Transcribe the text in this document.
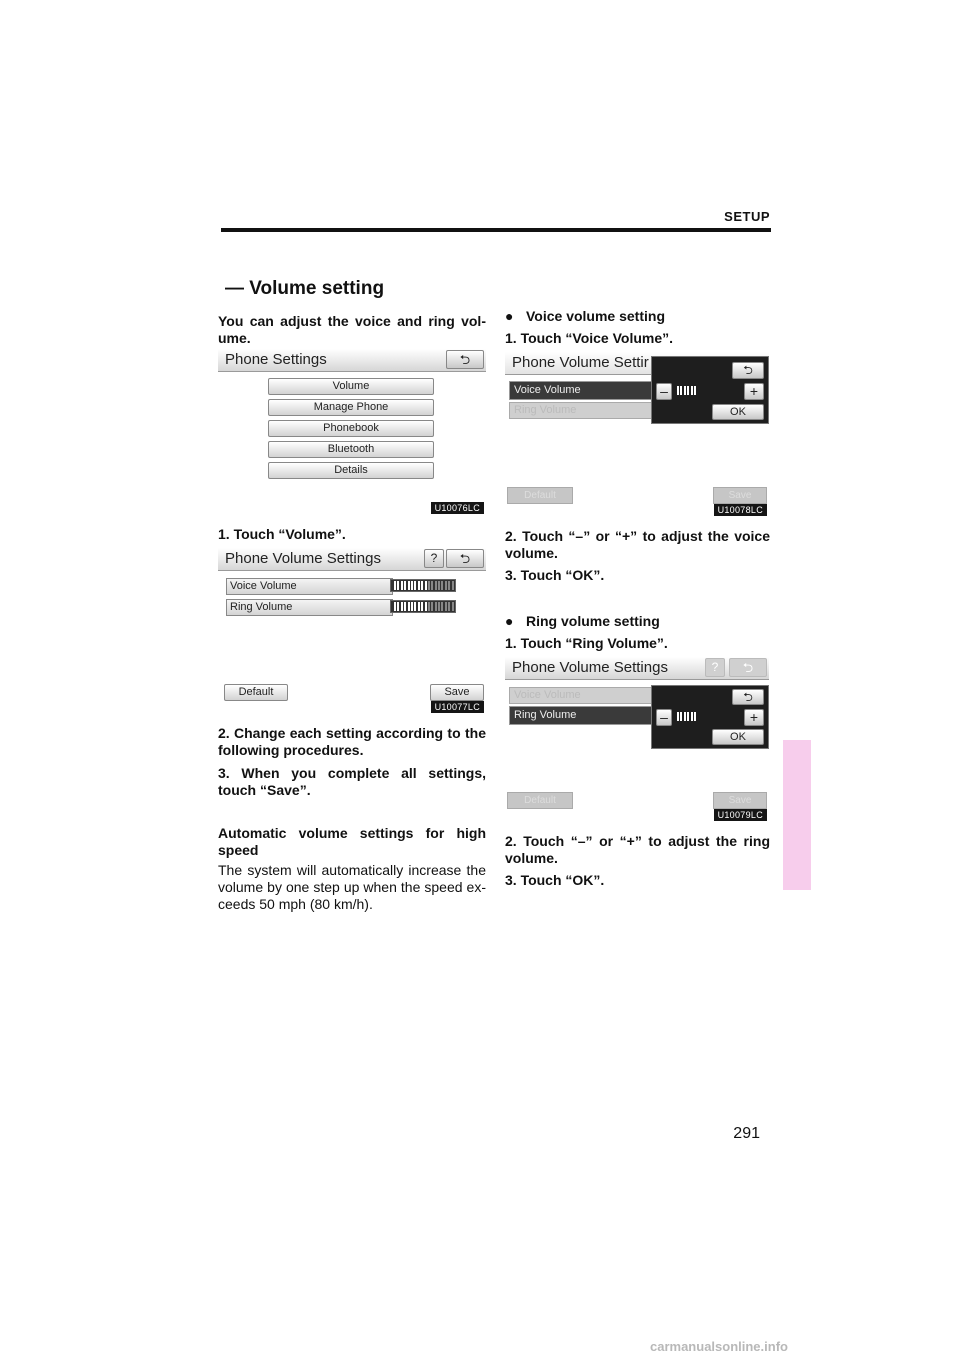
SETUP
— Volume setting
291
carmanualsonline.info
You can adjust the voice and ring vol-ume.
Phone Settings	⮌
Volume
Manage Phone
Phonebook
Bluetooth
Details
U10076LC
1. Touch “Volume”.
Phone Volume Settings	?	⮌
Voice Volume
Ring Volume
Default	Save
U10077LC
2. Change each setting according to the following procedures.
3. When you complete all settings, touch “Save”.
Automatic volume settings for high speed
The system will automatically increase the volume by one step up when the speed ex-ceeds 50 mph (80 km/h).
● Voice volume setting
1. Touch “Voice Volume”.
Phone Volume Settir
Voice Volume
Ring Volume
⮌
–	+
OK
Default	Save
U10078LC
2. Touch “–” or “+” to adjust the voice volume.
3. Touch “OK”.
● Ring volume setting
1. Touch “Ring Volume”.
Phone Volume Settings	?	⮌
Voice Volume
Ring Volume
⮌
–	+
OK
Default	Save
U10079LC
2. Touch “–” or “+” to adjust the ring volume.
3. Touch “OK”.
